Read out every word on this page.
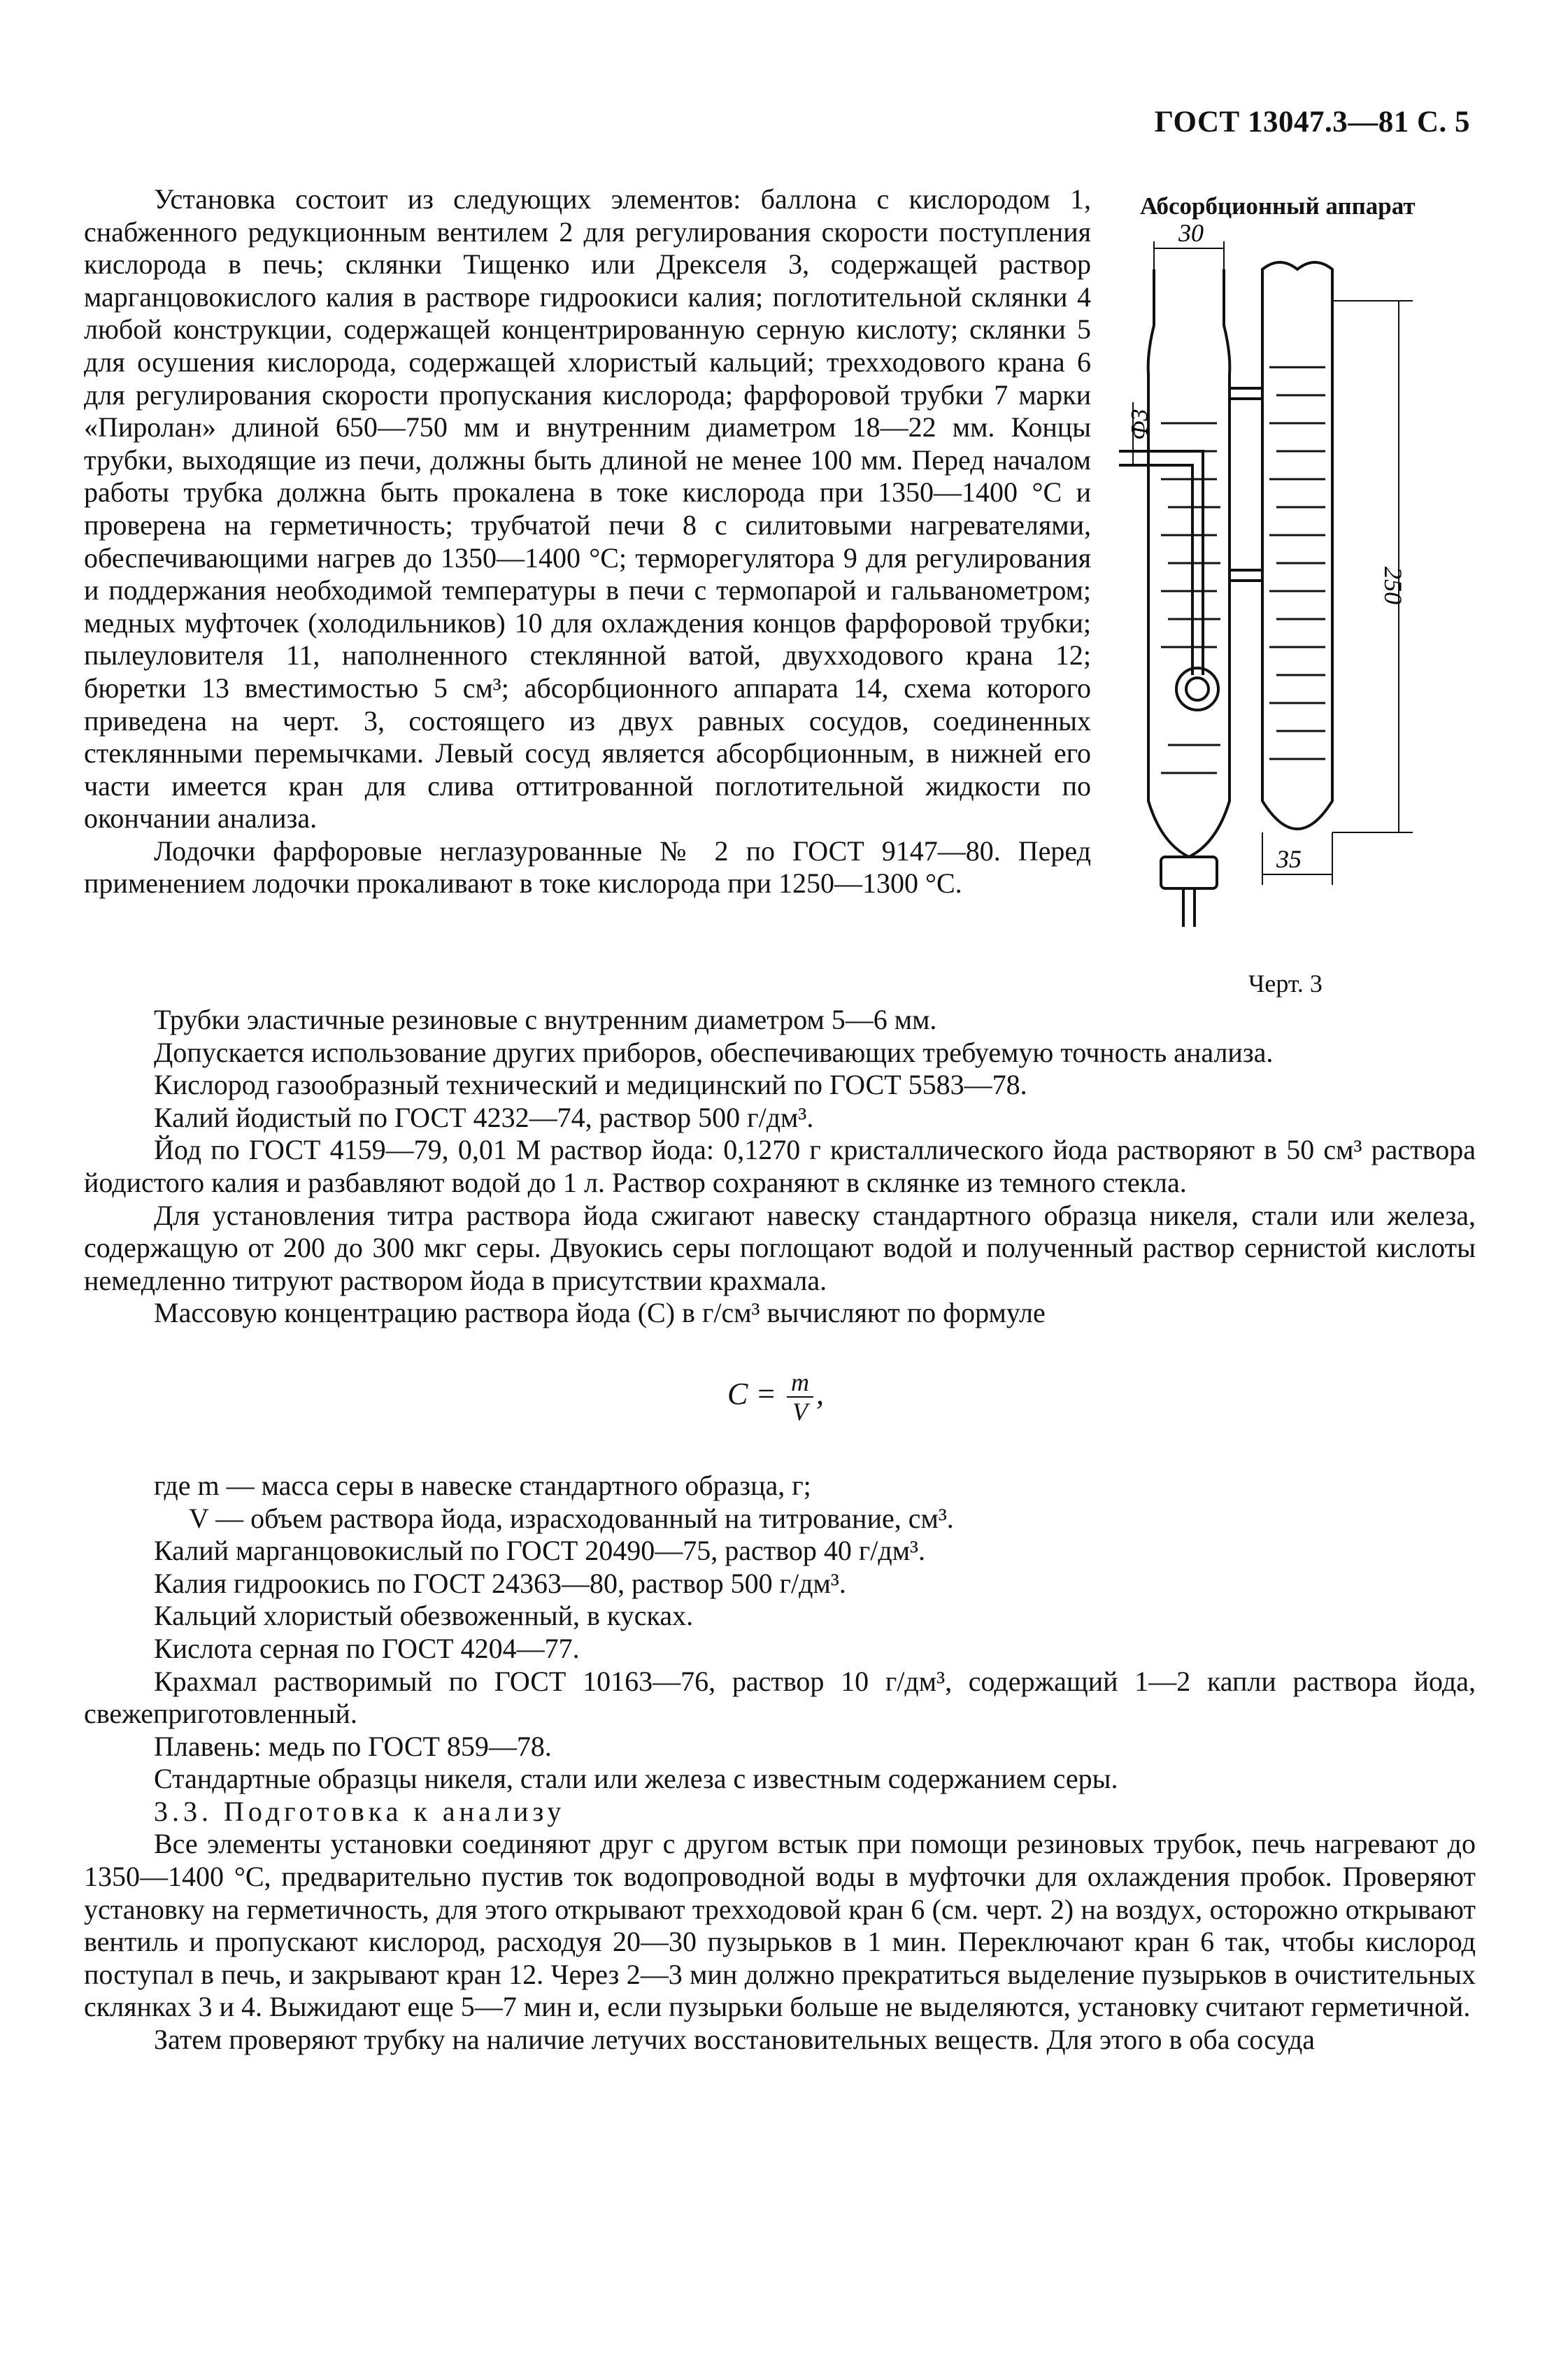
ГОСТ 13047.3—81 С. 5

Установка состоит из следующих элементов: баллона с кислородом 1, снабженного редукционным вентилем 2 для регулирования скорости поступления кислорода в печь; склянки Тищенко или Дрекселя 3, содержащей раствор марганцовокислого калия в растворе гидроокиси калия; поглотительной склянки 4 любой конструкции, содержащей концентрированную серную кислоту; склянки 5 для осушения кислорода, содержащей хлористый кальций; трехходового крана 6 для регулирования скорости пропускания кислорода; фарфоровой трубки 7 марки «Пиролан» длиной 650—750 мм и внутренним диаметром 18—22 мм. Концы трубки, выходящие из печи, должны быть длиной не менее 100 мм. Перед началом работы трубка должна быть прокалена в токе кислорода при 1350—1400 °С и проверена на герметичность; трубчатой печи 8 с силитовыми нагревателями, обеспечивающими нагрев до 1350—1400 °С; терморегулятора 9 для регулирования и поддержания необходимой температуры в печи с термопарой и гальванометром; медных муфточек (холодильников) 10 для охлаждения концов фарфоровой трубки; пылеуловителя 11, наполненного стеклянной ватой, двухходового крана 12; бюретки 13 вместимостью 5 см³; абсорбционного аппарата 14, схема которого приведена на черт. 3, состоящего из двух равных сосудов, соединенных стеклянными перемычками. Левый сосуд является абсорбционным, в нижней его части имеется кран для слива оттитрованной поглотительной жидкости по окончании анализа.

Лодочки фарфоровые неглазурованные № 2 по ГОСТ 9147—80. Перед применением лодочки прокаливают в токе кислорода при 1250—1300 °С.

Абсорбционный аппарат
30
Ф3
250
35
Черт. 3

Трубки эластичные резиновые с внутренним диаметром 5—6 мм.

Допускается использование других приборов, обеспечивающих требуемую точность анализа.

Кислород газообразный технический и медицинский по ГОСТ 5583—78.

Калий йодистый по ГОСТ 4232—74, раствор 500 г/дм³.

Йод по ГОСТ 4159—79, 0,01 М раствор йода: 0,1270 г кристаллического йода растворяют в 50 см³ раствора йодистого калия и разбавляют водой до 1 л. Раствор сохраняют в склянке из темного стекла.

Для установления титра раствора йода сжигают навеску стандартного образца никеля, стали или железа, содержащую от 200 до 300 мкг серы. Двуокись серы поглощают водой и полученный раствор сернистой кислоты немедленно титруют раствором йода в присутствии крахмала.

Массовую концентрацию раствора йода (С) в г/см³ вычисляют по формуле

$C = \frac{m}{V}$ ,

где m — масса серы в навеске стандартного образца, г;

V — объем раствора йода, израсходованный на титрование, см³.

Калий марганцовокислый по ГОСТ 20490—75, раствор 40 г/дм³.

Калия гидроокись по ГОСТ 24363—80, раствор 500 г/дм³.

Кальций хлористый обезвоженный, в кусках.

Кислота серная по ГОСТ 4204—77.

Крахмал растворимый по ГОСТ 10163—76, раствор 10 г/дм³, содержащий 1—2 капли раствора йода, свежеприготовленный.

Плавень: медь по ГОСТ 859—78.

Стандартные образцы никеля, стали или железа с известным содержанием серы.

3.3. Подготовка к анализу

Все элементы установки соединяют друг с другом встык при помощи резиновых трубок, печь нагревают до 1350—1400 °С, предварительно пустив ток водопроводной воды в муфточки для охлаждения пробок. Проверяют установку на герметичность, для этого открывают трехходовой кран 6 (см. черт. 2) на воздух, осторожно открывают вентиль и пропускают кислород, расходуя 20—30 пузырьков в 1 мин. Переключают кран 6 так, чтобы кислород поступал в печь, и закрывают кран 12. Через 2—3 мин должно прекратиться выделение пузырьков в очистительных склянках 3 и 4. Выжидают еще 5—7 мин и, если пузырьки больше не выделяются, установку считают герметичной.

Затем проверяют трубку на наличие летучих восстановительных веществ. Для этого в оба сосуда
